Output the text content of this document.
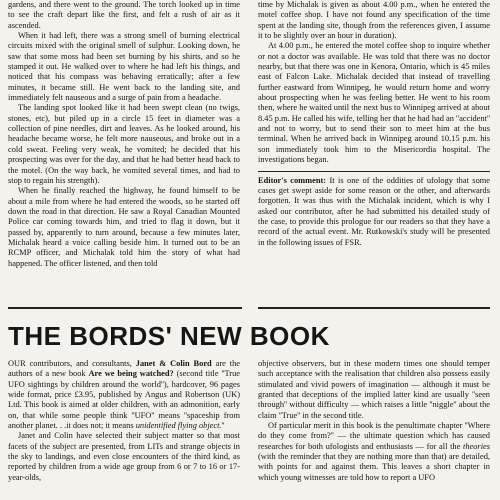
gardens, and there went to the ground. The torch looked up in time to see the craft depart like the first, and felt a rush of air as it ascended.

When it had left, there was a strong smell of burning electrical circuits mixed with the original smell of sulphur. Looking down, he saw that some moss had been set burning by his shirts, and so he stamped it out. He walked over to where he had left his things, and noticed that his compass was behaving erratically; after a few minutes, it became still. He went back to the landing site, and immediately felt nauseous and a surge of pain from a headache.

The landing spot looked like it had been swept clean (no twigs, stones, etc), but piled up in a circle 15 feet in diameter was a collection of pine needles, dirt and leaves. As he looked around, his headache became worse, he felt more nauseous, and broke out in a cold sweat. Feeling very weak, he vomited; he decided that his prospecting was over for the day, and that he had better head back to the motel. (On the way back, he vomited several times, and had to stop to regain his strength).

When he finally reached the highway, he found himself to be about a mile from where he had entered the woods, so he started off down the road in that direction. He saw a Royal Canadian Mounted Police car coming towards him, and tried to flag it down, but it passed by, apparently to turn around, because a few minutes later, Michalak heard a voice calling beside him. It turned out to be an RCMP officer, and Michalak told him the story of what had happened. The officer listened, and then told

time by Michalak is given as about 4.00 p.m., when he entered the motel coffee shop. I have not found any specification of the time spent at the landing site, though from the references given, I assume it to be slightly over an hour in duration).

At 4.00 p.m., he entered the motel coffee shop to inquire whether or not a doctor was available. He was told that there was no doctor nearby, but that there was one in Kenora, Ontario, which is 45 miles east of Falcon Lake. Michalak decided that instead of travelling further eastward from Winnipeg, he would return home and worry about prospecting when he was feeling better. He went to his room then, where he waited until the next bus to Winnipeg arrived at about 8.45 p.m. He called his wife, telling her that he had had an ''accident'' and not to worry, but to send their son to meet him at the bus terminal. When he arrived back in Winnipeg around 10.15 p.m. his son immediately took him to the Misericordia hospital. The investigations began.

Editor's comment: It is one of the oddities of ufology that some cases get swept aside for some reason or the other, and afterwards forgotten. It was thus with the Michalak incident, which is why I asked our contributor, after he had submitted his detailed study of the case, to provide this prologue for our readers so that they have a record of the actual event. Mr. Rutkowski's study will be presented in the following issues of FSR.

THE BORDS' NEW BOOK

OUR contributors, and consultants, Janet & Colin Bord are the authors of a new book Are we being watched? (second title ''True UFO sightings by children around the world''), hardcover, 96 pages wide format, price £3.95, published by Angus and Robertson (UK) Ltd. This book is aimed at older children, with an admonition, early on, that while some people think ''UFO'' means ''spaceship from another planet. . .it does not; it means unidentified flying object.''

Janet and Colin have selected their subject matter so that most facets of the subject are presented, from LITs and strange objects in the sky to landings, and even close encounters of the third kind, as reported by children from a wide age group from 6 or 7 to 16 or 17-year-olds,

objective observers, but in these modern times one should temper such acceptance with the realisation that children also possess easily stimulated and vivid powers of imagination — although it must be granted that deceptions of the implied latter kind are usually ''seen through'' without difficulty — which raises a little ''niggle'' about the claim ''True'' in the second title.

Of particular merit in this book is the penultimate chapter ''Where do they come from?'' — the ultimate question which has caused researches for both ufologists and enthusiasts — for all the theories (with the reminder that they are nothing more than that) are detailed, with points for and against them. This leaves a short chapter in which young witnesses are told how to report a UFO
